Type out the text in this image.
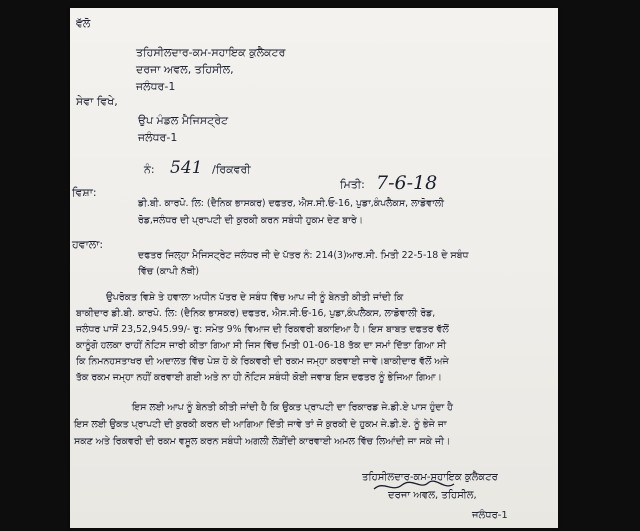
ਵੱਲੋ
ਤਹਿਸੀਲਦਾਰ-ਕਮ-ਸਹਾਇਕ ਕੁਲੈਕਟਰ
ਦਰਜਾ ਅਵਲ, ਤਹਿਸੀਲ,
ਜਲੰਧਰ-1
ਸੇਵਾ ਵਿਖੇ,
ਉਪ ਮੰਡਲ ਮੈਜਿਸਟ੍ਰੇਟ
ਜਲੰਧਰ-1
ਨੰ: 541 /ਰਿਕਵਰੀ
ਮਿਤੀ: 7-6-18
ਵਿਸ਼ਾ:
ਡੀ.ਬੀ. ਕਾਰਪੋ. ਲਿ: (ਦੈਨਿਕ ਭਾਸਕਰ) ਦਫਤਰ, ਐਸ.ਸੀ.ਓ-16, ਪੁਡਾ,ਕੰਪਲੈਕਸ, ਲਾਡੋਵਾਲੀ
ਰੋਡ,ਜਲੰਧਰ ਦੀ ਪ੍ਰਾਪਟੀ ਦੀ ਕੁਰਕੀ ਕਰਨ ਸਬੰਧੀ ਹੁਕਮ ਦੇਣ ਬਾਰੇ।
ਹਵਾਲਾ:
ਦਫਤਰ ਜਿਲ੍ਹਾ ਮੈਜਿਸਟ੍ਰੇਟ ਜਲੰਧਰ ਜੀ ਦੇ ਪੱਤਰ ਨੰ: 214(3)ਆਰ.ਸੀ. ਮਿਤੀ 22-5-18 ਦੇ ਸਬੰਧ
ਵਿੱਚ (ਕਾਪੀ ਨੱਥੀ)
ਉਪਰੋਕਤ ਵਿਸ਼ੇ ਤੇ ਹਵਾਲਾ ਅਧੀਨ ਪੱਤਰ ਦੇ ਸਬੰਧ ਵਿੱਚ ਆਪ ਜੀ ਨੂੰ ਬੇਨਤੀ ਕੀਤੀ ਜਾਂਦੀ ਕਿ
ਬਾਕੀਦਾਰ ਡੀ.ਬੀ. ਕਾਰਪੋ. ਲਿ: (ਦੈਨਿਕ ਭਾਸਕਰ) ਦਫਤਰ, ਐਸ.ਸੀ.ਓ-16, ਪੁਡਾ,ਕੰਪਲੈਕਸ, ਲਾਡੋਵਾਲੀ ਰੋਡ,
ਜਲੰਧਰ ਪਾਸੋਂ 23,52,945.99/- ਰੁ: ਸਮੇਤ 9% ਵਿਆਜ ਦੀ ਰਿਕਵਰੀ ਬਕਾਇਆ ਹੈ। ਇਸ ਬਾਬਤ ਦਫਤਰ ਵੱਲੋਂ
ਕਾਨੂੰਗੋ ਹਲਕਾ ਰਾਹੀਂ ਨੋਟਿਸ ਜਾਰੀ ਕੀਤਾ ਗਿਆ ਸੀ ਜਿਸ ਵਿੱਚ ਮਿਤੀ 01-06-18 ਤੱਕ ਦਾ ਸਮਾਂ ਦਿੱਤਾ ਗਿਆ ਸੀ
ਕਿ ਨਿਮਨਹਸਤਾਖਰ ਦੀ ਅਦਾਲਤ ਵਿੱਚ ਪੇਸ਼ ਹੋ ਕੇ ਰਿਕਵਰੀ ਦੀ ਰਕਮ ਜਮ੍ਹਾ ਕਰਵਾਈ ਜਾਵੇ।ਬਾਕੀਦਾਰ ਵੱਲੋਂ ਅਜੇ
ਤੱਕ ਰਕਮ ਜਮ੍ਹਾ ਨਹੀਂ ਕਰਵਾਈ ਗਈ ਅਤੇ ਨਾ ਹੀ ਨੋਟਿਸ ਸਬੰਧੀ ਕੋਈ ਜਵਾਬ ਇਸ ਦਫਤਰ ਨੂੰ ਭੇਜਿਆ ਗਿਆ।
ਇਸ ਲਈ ਆਪ ਨੂੰ ਬੇਨਤੀ ਕੀਤੀ ਜਾਂਦੀ ਹੈ ਕਿ ਉਕਤ ਪ੍ਰਾਪਟੀ ਦਾ ਰਿਕਾਰਡ ਜੇ.ਡੀ.ਏ ਪਾਸ ਹੁੰਦਾ ਹੈ
ਇਸ ਲਈ ਉਕਤ ਪ੍ਰਾਪਟੀ ਦੀ ਕੁਰਕੀ ਕਰਨ ਦੀ ਆਗਿਆ ਦਿੱਤੀ ਜਾਵੇ ਤਾਂ ਜੋ ਕੁਰਕੀ ਦੇ ਹੁਕਮ ਜੇ.ਡੀ.ਏ. ਨੂੰ ਭੇਜੇ ਜਾ
ਸਕਣ ਅਤੇ ਰਿਕਵਰੀ ਦੀ ਰਕਮ ਵਸੂਲ ਕਰਨ ਸਬੰਧੀ ਅਗਲੀ ਲੋੜੀਂਦੀ ਕਾਰਵਾਈ ਅਮਲ ਵਿੱਚ ਲਿਆਂਦੀ ਜਾ ਸਕੇ ਜੀ।
ਤਹਿਸੀਲਦਾਰ-ਕਮ-ਸਹਾਇਕ ਕੁਲੈਕਟਰ
ਦਰਜਾ ਅਵਲ, ਤਹਿਸੀਲ,
ਜਲੰਧਰ-1
